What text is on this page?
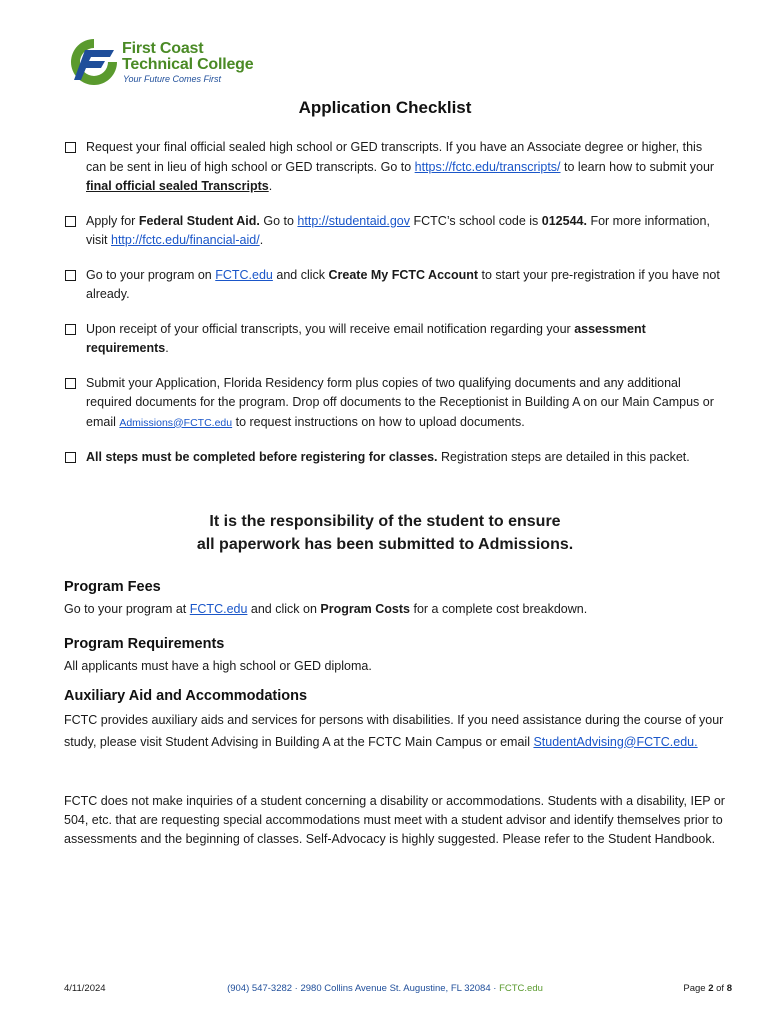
First Coast
Technical College
Your Future Comes First
Application Checklist
Request your final official sealed high school or GED transcripts. If you have an Associate degree or higher, this can be sent in lieu of high school or GED transcripts. Go to https://fctc.edu/transcripts/ to learn how to submit your final official sealed Transcripts.
Apply for Federal Student Aid. Go to http://studentaid.gov FCTC’s school code is 012544. For more information, visit http://fctc.edu/financial-aid/.
Go to your program on FCTC.edu and click Create My FCTC Account to start your pre-registration if you have not already.
Upon receipt of your official transcripts, you will receive email notification regarding your assessment requirements.
Submit your Application, Florida Residency form plus copies of two qualifying documents and any additional required documents for the program. Drop off documents to the Receptionist in Building A on our Main Campus or email Admissions@FCTC.edu to request instructions on how to upload documents.
All steps must be completed before registering for classes. Registration steps are detailed in this packet.
It is the responsibility of the student to ensure
all paperwork has been submitted to Admissions.
Program Fees

Go to your program at FCTC.edu and click on Program Costs for a complete cost breakdown.

Program Requirements

All applicants must have a high school or GED diploma.

Auxiliary Aid and Accommodations

FCTC provides auxiliary aids and services for persons with disabilities. If you need assistance during the course of your study, please visit Student Advising in Building A at the FCTC Main Campus or email StudentAdvising@FCTC.edu.

FCTC does not make inquiries of a student concerning a disability or accommodations. Students with a disability, IEP or 504, etc. that are requesting special accommodations must meet with a student advisor and identify themselves prior to assessments and the beginning of classes. Self-Advocacy is highly suggested. Please refer to the Student Handbook.
4/11/2024	(904) 547-3282 · 2980 Collins Avenue St. Augustine, FL 32084 · FCTC.edu	Page 2 of 8
